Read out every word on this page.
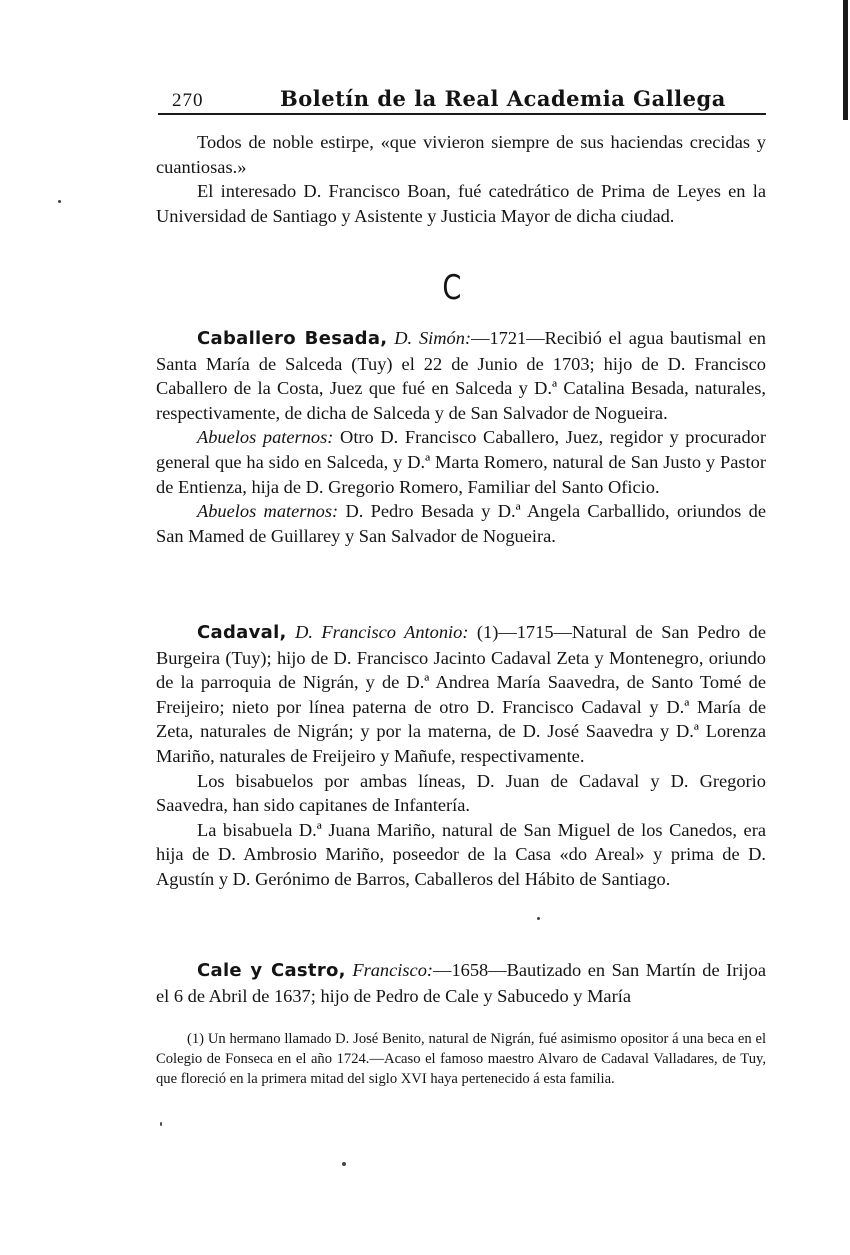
270	Boletín de la Real Academia Gallega

Todos de noble estirpe, «que vivieron siempre de sus haciendas crecidas y cuantiosas.»

El interesado D. Francisco Boan, fué catedrático de Prima de Leyes en la Universidad de Santiago y Asistente y Justicia Mayor de dicha ciudad.

C

Caballero Besada, D. Simón:—1721—Recibió el agua bautismal en Santa María de Salceda (Tuy) el 22 de Junio de 1703; hijo de D. Francisco Caballero de la Costa, Juez que fué en Salceda y D.ª Catalina Besada, naturales, respectivamente, de dicha de Salceda y de San Salvador de Nogueira.

Abuelos paternos: Otro D. Francisco Caballero, Juez, regidor y procurador general que ha sido en Salceda, y D.ª Marta Romero, natural de San Justo y Pastor de Entienza, hija de D. Gregorio Romero, Familiar del Santo Oficio.

Abuelos maternos: D. Pedro Besada y D.ª Angela Carballido, oriundos de San Mamed de Guillarey y San Salvador de Nogueira.

Cadaval, D. Francisco Antonio: (1)—1715—Natural de San Pedro de Burgeira (Tuy); hijo de D. Francisco Jacinto Cadaval Zeta y Montenegro, oriundo de la parroquia de Nigrán, y de D.ª Andrea María Saavedra, de Santo Tomé de Freijeiro; nieto por línea paterna de otro D. Francisco Cadaval y D.ª María de Zeta, naturales de Nigrán; y por la materna, de D. José Saavedra y D.ª Lorenza Mariño, naturales de Freijeiro y Mañufe, respectivamente.

Los bisabuelos por ambas líneas, D. Juan de Cadaval y D. Gregorio Saavedra, han sido capitanes de Infantería.

La bisabuela D.ª Juana Mariño, natural de San Miguel de los Canedos, era hija de D. Ambrosio Mariño, poseedor de la Casa «do Areal» y prima de D. Agustín y D. Gerónimo de Barros, Caballeros del Hábito de Santiago.

Cale y Castro, Francisco:—1658—Bautizado en San Martín de Irijoa el 6 de Abril de 1637; hijo de Pedro de Cale y Sabucedo y María

(1) Un hermano llamado D. José Benito, natural de Nigrán, fué asimismo opositor á una beca en el Colegio de Fonseca en el año 1724.—Acaso el famoso maestro Alvaro de Cadaval Valladares, de Tuy, que floreció en la primera mitad del siglo XVI haya pertenecido á esta familia.
